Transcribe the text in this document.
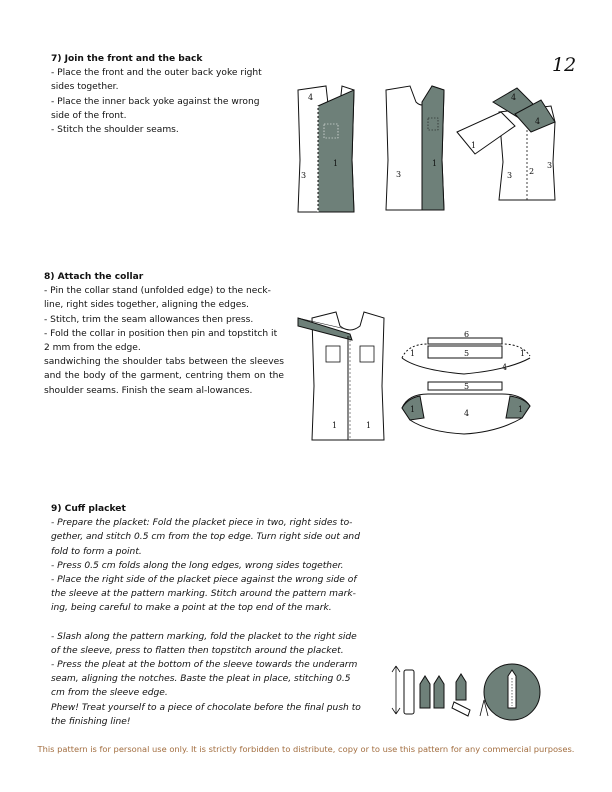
12
7) Join the front and the back
- Place the front and the outer back yoke right
sides together.
- Place the inner back yoke against the wrong
side of the front.
- Stitch the shoulder seams.
8) Attach the collar
- Pin the collar stand (unfolded edge) to the neck-
line, right sides together, aligning the edges.
- Stitch, trim the seam allowances then press.
- Fold the collar in position then pin and topstitch it
2 mm from the edge.
sandwiching the shoulder tabs between the sleeves and the body of the garment, centring them on the shoulder seams. Finish the seam al-lowances.
9) Cuff placket
- Prepare the placket: Fold the placket piece in two, right sides to-
gether, and stitch 0.5 cm from the top edge. Turn right side out and
fold to form a point.
- Press 0.5 cm folds along the long edges, wrong sides together.
- Place the right side of the placket piece against the wrong side of
the sleeve at the pattern marking. Stitch around the pattern mark-
ing, being careful to make a point at the top end of the mark.
- Slash along the pattern marking, fold the placket to the right side
of the sleeve, press to flatten then topstitch around the placket.
- Press the pleat at the bottom of the sleeve towards the underarm
seam, aligning the notches. Baste the pleat in place, stitching 0.5
cm from the sleeve edge.
Phew! Treat yourself to a piece of chocolate before the final push to
the finishing line!
4
1
3	3
1
4
4
1
2
3
3
1	1
6
5
1	1
4
5
1	4	1
This pattern is for personal use only. It is strictly forbidden to distribute, copy or to use this pattern for any commercial purposes.
